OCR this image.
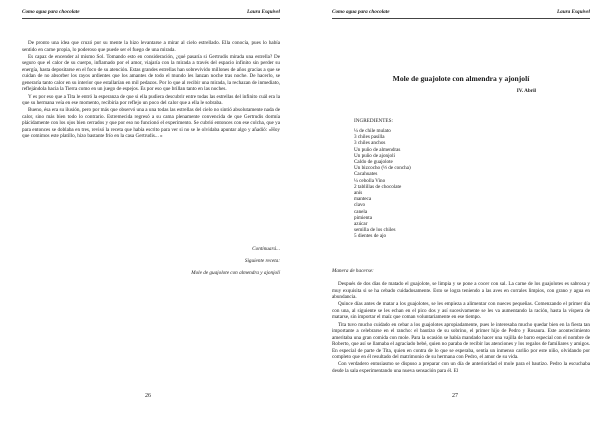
Como agua para chocolate	Laura Esquivel

De pronto una idea que cruzó por su mente la hizo levantarse a mirar al cielo estrellado. Ella conocía, pues lo había sentido en carne propia, lo poderoso que puede ser el fuego de una mirada.

Es capaz de encender al mismo Sol. Tomando esto en consideración, ¿qué pasaría si Gertrudis mirada una estrella? De seguro que el calor de su cuerpo, inflamado por el amor, viajaría con la mirada a través del espacio infinito sin perder su energía, hasta depositarse en el foco de su atención. Estas grandes estrellas han sobrevivido millones de años gracias a que se cuidan de no absorber los rayos ardientes que los amantes de todo el mundo les lanzan noche tras noche. De hacerlo, se generaría tanto calor en su interior que estallarían en mil pedazos. Por lo que al recibir una mirada, la rechazan de inmediato, reflejándola hacia la Tierra como en un juego de espejos. Es por eso que brillan tanto en las noches.

Y es por eso que a Tita le entró la esperanza de que si ella pudiera descubrir entre todas las estrellas del infinito cuál era la que su hermana veía en ese momento, recibiría por reflejo un poco del calor que a ella le sobraba.

Bueno, ésa era su ilusión, pero por más que observó una a una todas las estrellas del cielo no sintió absolutamente nada de calor, sino más bien todo lo contrario. Estremecida regresó a su cama plenamente convencida de que Gertrudis dormía plácidamente con los ojos bien cerrados y que por eso no funcionó el experimento. Se cubrió entonces con ese colcha, que ya para entonces se doblaba en tres, revisó la receta que había escrito para ver si no se le olvidaba apuntar algo y añadió: «Hoy que comimos este platillo, hizo bastante frío en la casa Gertrudis... »

Continuará...
Siguiente receta:
Mole de guajolote con almendra y ajonjolí
26
Como agua para chocolate	Laura Esquivel
Mole de guajolote con almendra y ajonjolí
IV. Abril
INGREDIENTES:
¼ de chile mulato
3 chiles pasilla
3 chiles anchos
Un puño de almendras
Un puño de ajonjolí
Caldo de guajolote
Un bizcocho (⅓ de concha)
Cacahuates
¼ cebolla Vino
2 tablillas de chocolate
anís
manteca
clavo
canela
pimienta
azúcar
semilla de los chiles
5 dientes de ajo
Manera de hacerse:

Después de dos días de matado el guajolote, se limpia y se pone a cocer con sal. La carne de los guajolotes es sabrosa y muy exquisita si se ha cebado cuidadosamente. Esto se logra teniendo a las aves en corrales limpios, con grano y agua en abundancia.

Quince días antes de matar a los guajolotes, se les empieza a alimentar con nueces pequeñas. Comenzando el primer día con una, al siguiente se les echan en el pico dos y así sucesivamente se les va aumentando la ración, hasta la víspera de matarse, sin importar el maíz que coman voluntariamente en ese tiempo.

Tita tuvo mucho cuidado en cebar a los guajolotes apropiadamente, pues le interesaba mucho quedar bien en la fiesta tan importante a celebrarse en el rancho: el bautizo de su sobrino, el primer hijo de Pedro y Rosaura. Este acontecimiento ameritaba una gran comida con mole. Para la ocasión se había mandado hacer una vajilla de barro especial con el nombre de Roberto, que así se llamaba el agraciado bebé, quien no paraba de recibir las atenciones y los regalos de familiares y amigos. En especial de parte de Tita, quien en contra de lo que se esperaba, sentía un inmenso cariño por este niño, olvidando por completo que en él resultado del matrimonio de su hermana con Pedro, el amor de su vida.

Con verdadero entusiasmo se dispuso a preparar con un día de anterioridad el mole para el bautizo. Pedro la escuchaba desde la sala experimentando una nueva sensación para él. El

27
